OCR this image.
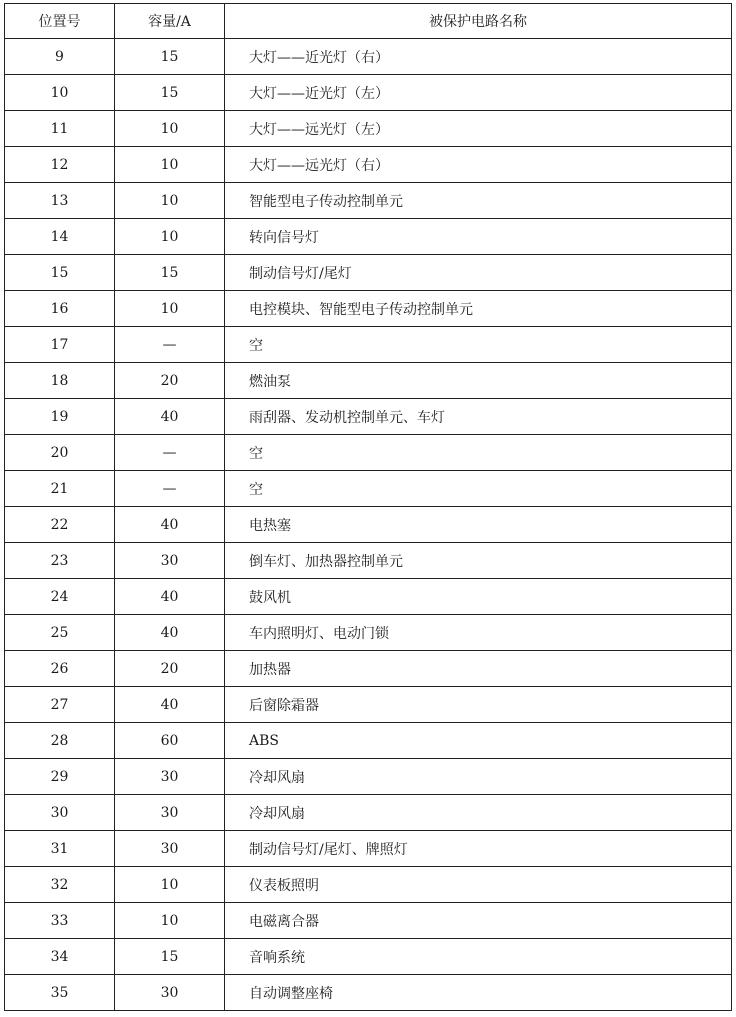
位置号	容量/A	被保护电路名称
9	15	大灯——近光灯（右）
10	15	大灯——近光灯（左）
11	10	大灯——远光灯（左）
12	10	大灯——远光灯（右）
13	10	智能型电子传动控制单元
14	10	转向信号灯
15	15	制动信号灯/尾灯
16	10	电控模块、智能型电子传动控制单元
17	—	空
18	20	燃油泵
19	40	雨刮器、发动机控制单元、车灯
20	—	空
21	—	空
22	40	电热塞
23	30	倒车灯、加热器控制单元
24	40	鼓风机
25	40	车内照明灯、电动门锁
26	20	加热器
27	40	后窗除霜器
28	60	ABS
29	30	冷却风扇
30	30	冷却风扇
31	30	制动信号灯/尾灯、牌照灯
32	10	仪表板照明
33	10	电磁离合器
34	15	音响系统
35	30	自动调整座椅
